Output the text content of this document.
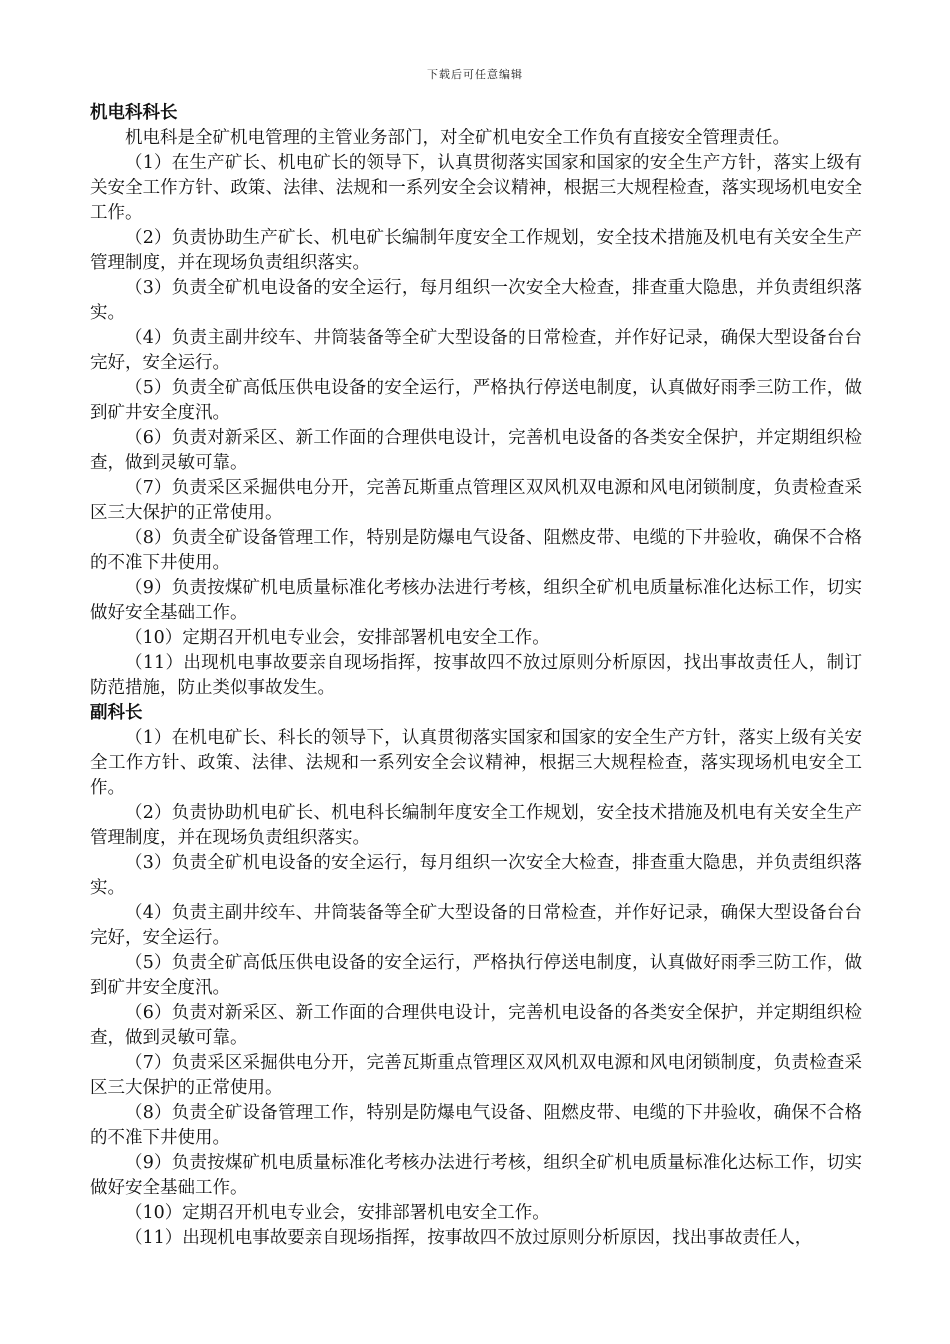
下载后可任意编辑
机电科科长

机电科是全矿机电管理的主管业务部门，对全矿机电安全工作负有直接安全管理责任。

（1）在生产矿长、机电矿长的领导下，认真贯彻落实国家和国家的安全生产方针，落实上级有关安全工作方针、政策、法律、法规和一系列安全会议精神，根据三大规程检查，落实现场机电安全工作。

（2）负责协助生产矿长、机电矿长编制年度安全工作规划，安全技术措施及机电有关安全生产管理制度，并在现场负责组织落实。

（3）负责全矿机电设备的安全运行，每月组织一次安全大检查，排查重大隐患，并负责组织落实。

（4）负责主副井绞车、井筒装备等全矿大型设备的日常检查，并作好记录，确保大型设备台台完好，安全运行。

（5）负责全矿高低压供电设备的安全运行，严格执行停送电制度，认真做好雨季三防工作，做到矿井安全度汛。

（6）负责对新采区、新工作面的合理供电设计，完善机电设备的各类安全保护，并定期组织检查，做到灵敏可靠。

（7）负责采区采掘供电分开，完善瓦斯重点管理区双风机双电源和风电闭锁制度，负责检查采区三大保护的正常使用。

（8）负责全矿设备管理工作，特别是防爆电气设备、阻燃皮带、电缆的下井验收，确保不合格的不准下井使用。

（9）负责按煤矿机电质量标准化考核办法进行考核，组织全矿机电质量标准化达标工作，切实做好安全基础工作。

（10）定期召开机电专业会，安排部署机电安全工作。

（11）出现机电事故要亲自现场指挥，按事故四不放过原则分析原因，找出事故责任人，制订防范措施，防止类似事故发生。

副科长

（1）在机电矿长、科长的领导下，认真贯彻落实国家和国家的安全生产方针，落实上级有关安全工作方针、政策、法律、法规和一系列安全会议精神，根据三大规程检查，落实现场机电安全工作。

（2）负责协助机电矿长、机电科长编制年度安全工作规划，安全技术措施及机电有关安全生产管理制度，并在现场负责组织落实。

（3）负责全矿机电设备的安全运行，每月组织一次安全大检查，排查重大隐患，并负责组织落实。

（4）负责主副井绞车、井筒装备等全矿大型设备的日常检查，并作好记录，确保大型设备台台完好，安全运行。

（5）负责全矿高低压供电设备的安全运行，严格执行停送电制度，认真做好雨季三防工作，做到矿井安全度汛。

（6）负责对新采区、新工作面的合理供电设计，完善机电设备的各类安全保护，并定期组织检查，做到灵敏可靠。

（7）负责采区采掘供电分开，完善瓦斯重点管理区双风机双电源和风电闭锁制度，负责检查采区三大保护的正常使用。

（8）负责全矿设备管理工作，特别是防爆电气设备、阻燃皮带、电缆的下井验收，确保不合格的不准下井使用。

（9）负责按煤矿机电质量标准化考核办法进行考核，组织全矿机电质量标准化达标工作，切实做好安全基础工作。

（10）定期召开机电专业会，安排部署机电安全工作。

（11）出现机电事故要亲自现场指挥，按事故四不放过原则分析原因，找出事故责任人，
